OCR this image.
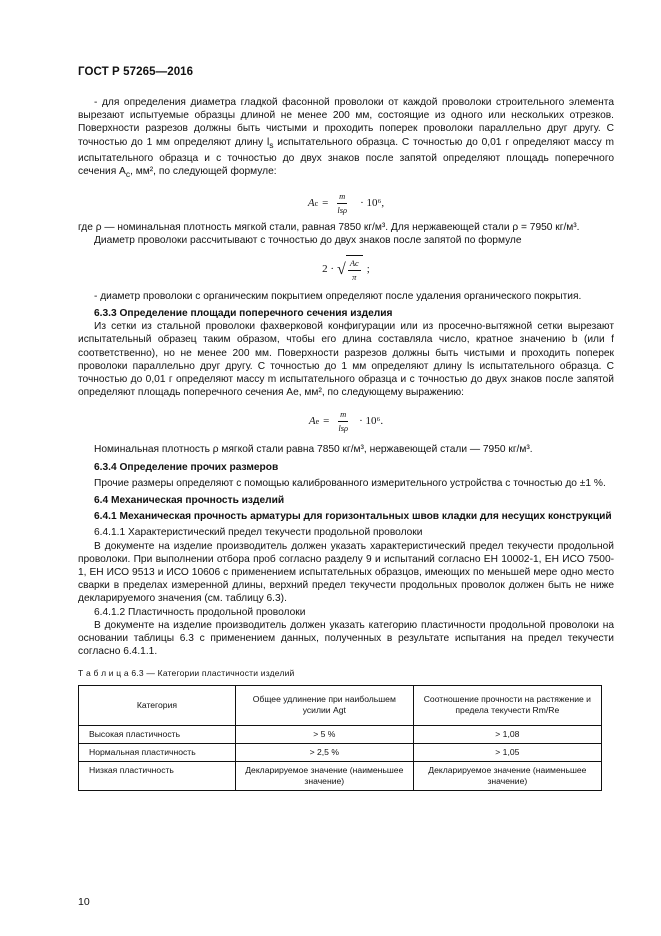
ГОСТ Р 57265—2016
- для определения диаметра гладкой фасонной проволоки от каждой проволоки строительного элемента вырезают испытуемые образцы длиной не менее 200 мм, состоящие из одного или нескольких отрезков. Поверхности разрезов должны быть чистыми и проходить поперек проволоки параллельно друг другу. С точностью до 1 мм определяют длину $l_s$ испытательного образца. С точностью до 0,01 г определяют массу m испытательного образца и с точностью до двух знаков после запятой определяют площадь поперечного сечения $A_c$, мм², по следующей формуле:
A $c = \frac{m}{\text{lsρ}} \cdot 10^6$,
где ρ — номинальная плотность мягкой стали, равная 7850 кг/м³. Для нержавеющей стали ρ = 7950 кг/м³.
Диаметр проволоки рассчитывают с точностью до двух знаков после запятой по формуле
2 · √ $\frac{Ac}{\pi}$ ;
- диаметр проволоки с органическим покрытием определяют после удаления органического покрытия.
6.3.3 Определение площади поперечного сечения изделия
Из сетки из стальной проволоки фахверковой конфигурации или из просечно-вытяжной сетки вырезают испытательный образец таким образом, чтобы его длина составляла число, кратное значению b (или f соответственно), но не менее 200 мм. Поверхности разрезов должны быть чистыми и проходить поперек проволоки параллельно друг другу. С точностью до 1 мм определяют длину ls испытательного образца. С точностью до 0,01 г определяют массу m испытательного образца и с точностью до двух знаков после запятой определяют площадь поперечного сечения Ae, мм², по следующему выражению:
A $e = \frac{m}{\text{lsρ}} \cdot 10^6$.
Номинальная плотность ρ мягкой стали равна 7850 кг/м³, нержавеющей стали — 7950 кг/м³.
6.3.4 Определение прочих размеров
Прочие размеры определяют с помощью калиброванного измерительного устройства с точностью до ±1 %.
6.4 Механическая прочность изделий
6.4.1 Механическая прочность арматуры для горизонтальных швов кладки для несущих конструкций
6.4.1.1 Характеристический предел текучести продольной проволоки
В документе на изделие производитель должен указать характеристический предел текучести продольной проволоки. При выполнении отбора проб согласно разделу 9 и испытаний согласно ЕН 10002-1, ЕН ИСО 7500-1, ЕН ИСО 9513 и ИСО 10606 с применением испытательных образцов, имеющих по меньшей мере одно место сварки в пределах измеренной длины, верхний предел текучести продольных проволок должен быть не ниже декларируемого значения (см. таблицу 6.3).
6.4.1.2 Пластичность продольной проволоки
В документе на изделие производитель должен указать категорию пластичности продольной проволоки на основании таблицы 6.3 с применением данных, полученных в результате испытания на предел текучести согласно 6.4.1.1.
Т а б л и ц а 6.3 — Категории пластичности изделий
Категория	Общее удлинение при наибольшем усилии Agt	Соотношение прочности на растяжение и предела текучести Rm/Re
Высокая пластичность	> 5 %	> 1,08
Нормальная пластичность	> 2,5 %	> 1,05
Низкая пластичность	Декларируемое значение (наименьшее значение)	Декларируемое значение (наименьшее значение)
10
